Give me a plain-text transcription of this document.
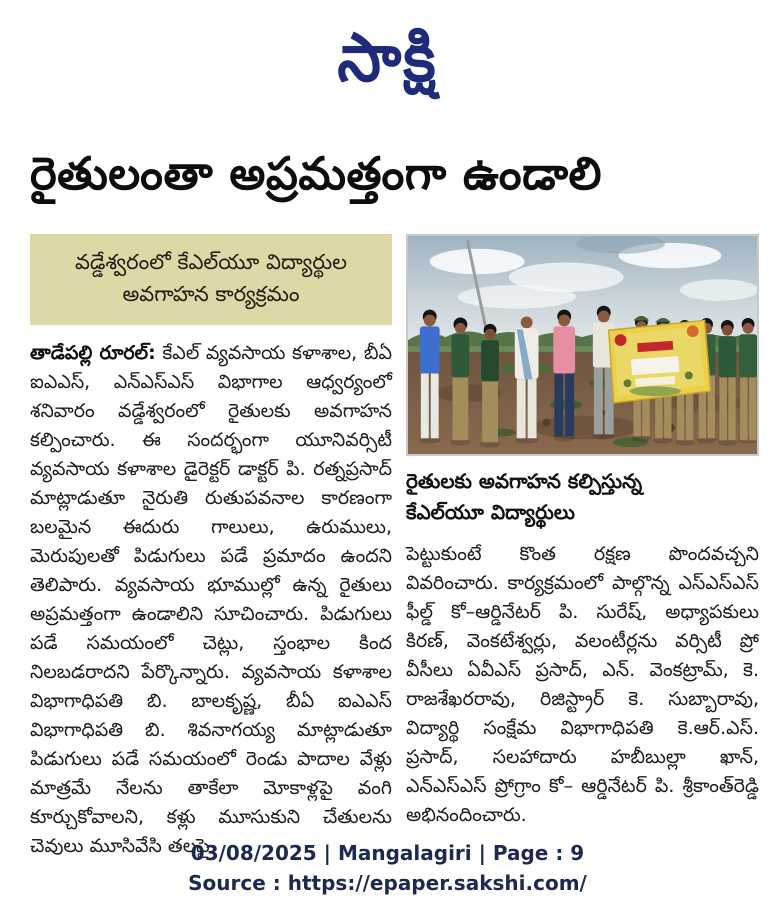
సాక్షి
రైతులంతా అప్రమత్తంగా ఉండాలి
వడ్డేశ్వరంలో కేఎల్‌యూ విద్యార్థుల
అవగాహన కార్యక్రమం

తాడేపల్లి రూరల్: కేఎల్ వ్యవసాయ కళాశాల, బీఏ ఐఎఎస్, ఎన్ఎస్ఎస్ విభాగాల ఆధ్వర్యంలో శనివారం వడ్డేశ్వరంలో రైతులకు అవగాహన కల్పించారు. ఈ సందర్భంగా యూనివర్సిటీ వ్యవసాయ కళాశాల డైరెక్టర్ డాక్టర్ పి. రత్నప్రసాద్ మాట్లాడుతూ నైరుతి రుతుపవనాల కారణంగా బలమైన ఈదురు గాలులు, ఉరుములు, మెరుపులతో పిడుగులు పడే ప్రమాదం ఉందని తెలిపారు. వ్యవసాయ భూముల్లో ఉన్న రైతులు అప్రమత్తంగా ఉండాలిని సూచించారు. పిడుగులు పడే సమయంలో చెట్లు, స్తంభాల కింద నిలబడరాదని పేర్కొన్నారు. వ్యవసాయ కళాశాల విభాగాధిపతి బి. బాలకృష్ణ, బీఏ ఐఎఎస్ విభాగాధిపతి బి. శివనాగయ్య మాట్లాడుతూ పిడుగులు పడే సమయంలో రెండు పాదాల వేళ్లు మాత్రమే నేలను తాకేలా మోకాళ్లపై వంగి కూర్చుకోవాలని, కళ్లు మూసుకుని చేతులను చెవులు మూసివేసి తలపై

రైతులకు అవగాహన కల్పిస్తున్న
కేఎల్‌యూ విద్యార్థులు

పెట్టుకుంటే కొంత రక్షణ పొందవచ్చని వివరించారు. కార్యక్రమంలో పాల్గొన్న ఎస్ఎస్ఎస్ ఫీల్డ్ కో–ఆర్డినేటర్ పి. సురేష్, అధ్యాపకులు కిరణ్, వెంకటేశ్వర్లు, వలంటీర్లను వర్సిటీ ప్రో వీసీలు ఏవీఎస్ ప్రసాద్, ఎన్. వెంకట్రామ్, కె. రాజశేఖరరావు, రిజిస్ట్రార్ కె. సుబ్బారావు, విద్యార్థి సంక్షేమ విభాగాధిపతి కె.ఆర్.ఎస్. ప్రసాద్, సలహాదారు హబీబుల్లా ఖాన్, ఎన్ఎస్ఎస్ ప్రోగ్రాం కో– ఆర్డినేటర్ పి. శ్రీకాంత్‌రెడ్డి అభినందించారు.

03/08/2025 | Mangalagiri | Page : 9
Source : https://epaper.sakshi.com/
